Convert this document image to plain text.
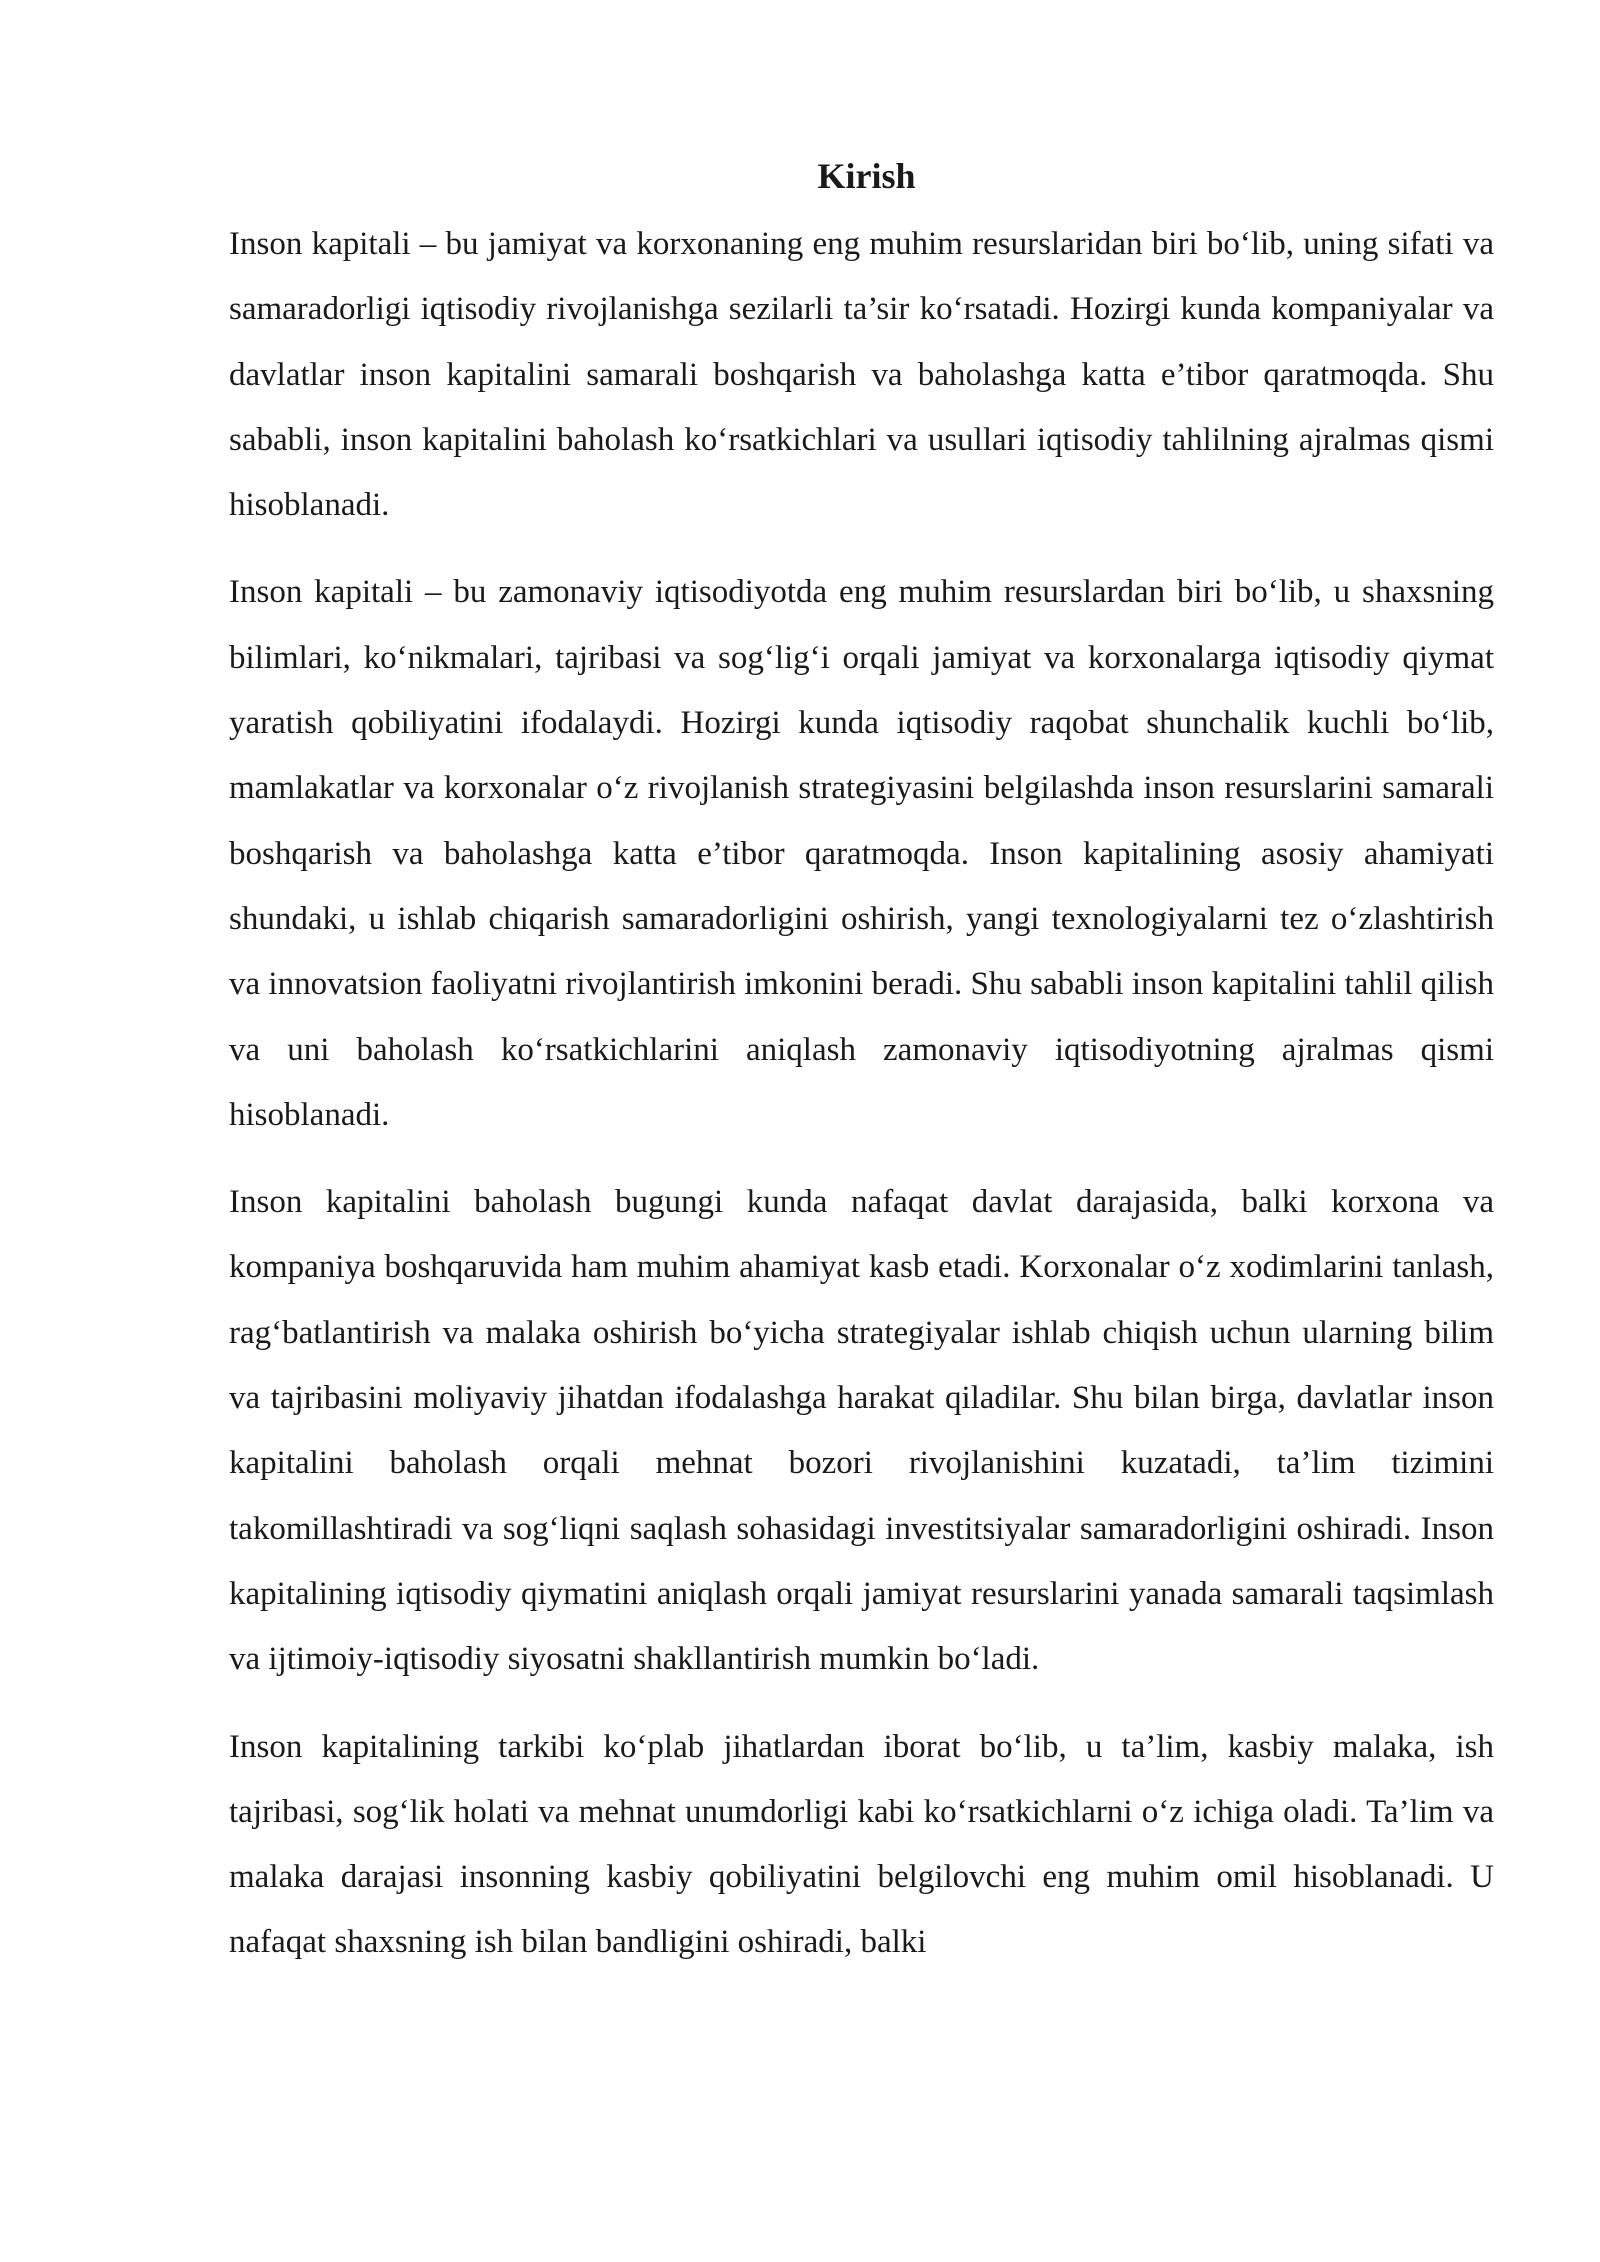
Kirish

Inson kapitali – bu jamiyat va korxonaning eng muhim resurslaridan biri bo‘lib, uning sifati va samaradorligi iqtisodiy rivojlanishga sezilarli ta’sir ko‘rsatadi. Hozirgi kunda kompaniyalar va davlatlar inson kapitalini samarali boshqarish va baholashga katta e’tibor qaratmoqda. Shu sababli, inson kapitalini baholash ko‘rsatkichlari va usullari iqtisodiy tahlilning ajralmas qismi hisoblanadi.

Inson kapitali – bu zamonaviy iqtisodiyotda eng muhim resurslardan biri bo‘lib, u shaxsning bilimlari, ko‘nikmalari, tajribasi va sog‘lig‘i orqali jamiyat va korxonalarga iqtisodiy qiymat yaratish qobiliyatini ifodalaydi. Hozirgi kunda iqtisodiy raqobat shunchalik kuchli bo‘lib, mamlakatlar va korxonalar o‘z rivojlanish strategiyasini belgilashda inson resurslarini samarali boshqarish va baholashga katta e’tibor qaratmoqda. Inson kapitalining asosiy ahamiyati shundaki, u ishlab chiqarish samaradorligini oshirish, yangi texnologiyalarni tez o‘zlashtirish va innovatsion faoliyatni rivojlantirish imkonini beradi. Shu sababli inson kapitalini tahlil qilish va uni baholash ko‘rsatkichlarini aniqlash zamonaviy iqtisodiyotning ajralmas qismi hisoblanadi.

Inson kapitalini baholash bugungi kunda nafaqat davlat darajasida, balki korxona va kompaniya boshqaruvida ham muhim ahamiyat kasb etadi. Korxonalar o‘z xodimlarini tanlash, rag‘batlantirish va malaka oshirish bo‘yicha strategiyalar ishlab chiqish uchun ularning bilim va tajribasini moliyaviy jihatdan ifodalashga harakat qiladilar. Shu bilan birga, davlatlar inson kapitalini baholash orqali mehnat bozori rivojlanishini kuzatadi, ta’lim tizimini takomillashtiradi va sog‘liqni saqlash sohasidagi investitsiyalar samaradorligini oshiradi. Inson kapitalining iqtisodiy qiymatini aniqlash orqali jamiyat resurslarini yanada samarali taqsimlash va ijtimoiy-iqtisodiy siyosatni shakllantirish mumkin bo‘ladi.

Inson kapitalining tarkibi ko‘plab jihatlardan iborat bo‘lib, u ta’lim, kasbiy malaka, ish tajribasi, sog‘lik holati va mehnat unumdorligi kabi ko‘rsatkichlarni o‘z ichiga oladi. Ta’lim va malaka darajasi insonning kasbiy qobiliyatini belgilovchi eng muhim omil hisoblanadi. U nafaqat shaxsning ish bilan bandligini oshiradi, balki
